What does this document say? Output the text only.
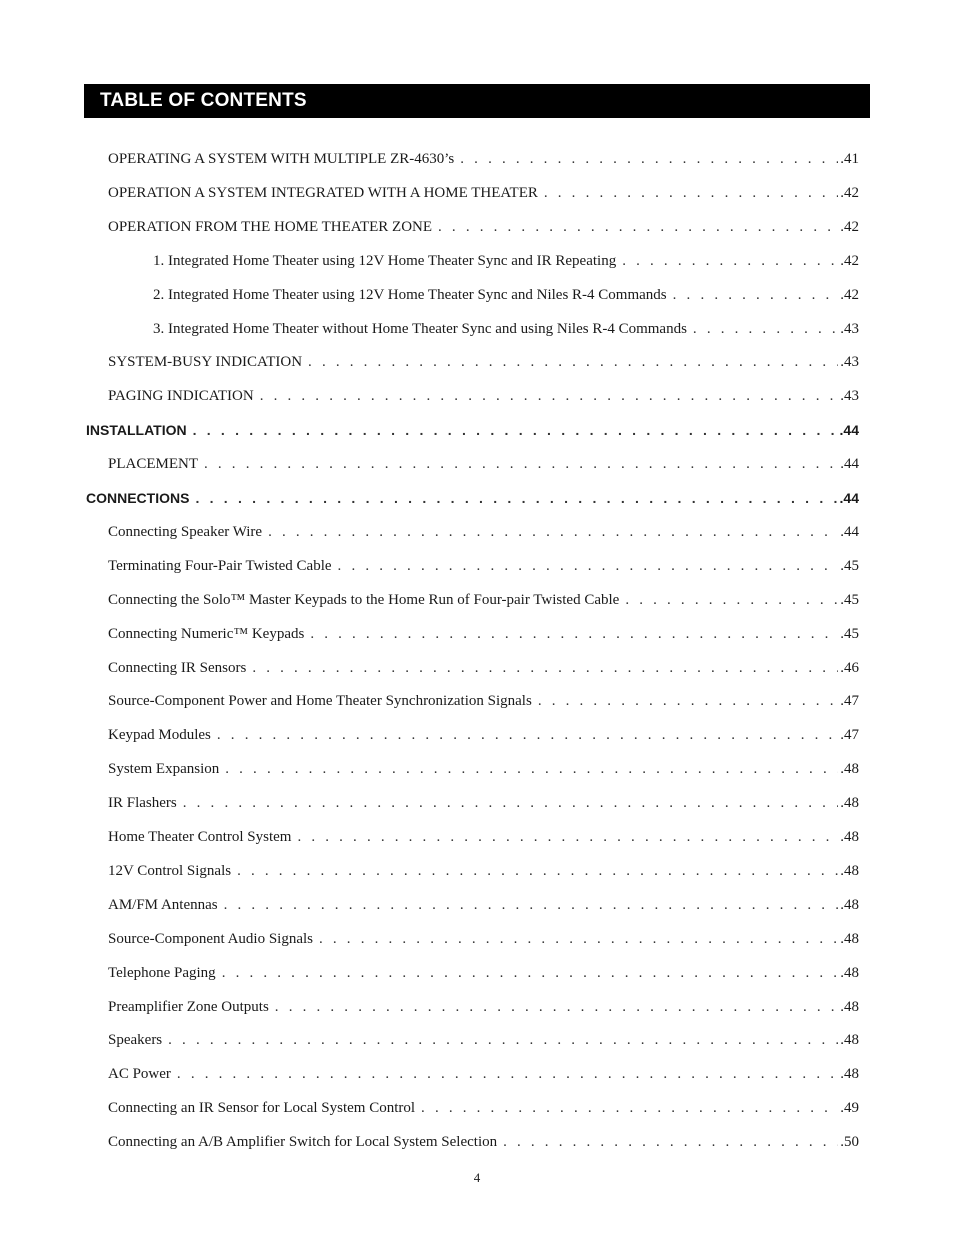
TABLE OF CONTENTS
OPERATING A SYSTEM WITH MULTIPLE ZR-4630’s . . .	.41
OPERATION A SYSTEM INTEGRATED WITH A HOME THEATER . . .	.42
OPERATION FROM THE HOME THEATER ZONE . . .	.42
1. Integrated Home Theater using 12V Home Theater Sync and IR Repeating . . .	.42
2. Integrated Home Theater using 12V Home Theater Sync and Niles R-4 Commands . . .	.42
3. Integrated Home Theater without Home Theater Sync and using Niles R-4 Commands . . .	.43
SYSTEM-BUSY INDICATION . . .	.43
PAGING INDICATION . . .	.43
INSTALLATION . . .	.44
PLACEMENT . . .	.44
CONNECTIONS . . .	.44
Connecting Speaker Wire . . .	.44
Terminating Four-Pair Twisted Cable . . .	.45
Connecting the Solo™ Master Keypads to the Home Run of Four-pair Twisted Cable . . .	.45
Connecting Numeric™ Keypads . . .	.45
Connecting IR Sensors . . .	.46
Source-Component Power and Home Theater Synchronization Signals . . .	.47
Keypad Modules . . .	.47
System Expansion . . .	.48
IR Flashers . . .	.48
Home Theater Control System . . .	.48
12V Control Signals . . .	.48
AM/FM Antennas . . .	.48
Source-Component Audio Signals . . .	.48
Telephone Paging . . .	.48
Preamplifier Zone Outputs . . .	.48
Speakers . . .	.48
AC Power . . .	.48
Connecting an IR Sensor for Local System Control . . .	.49
Connecting an A/B Amplifier Switch for Local System Selection . . .	.50
4
